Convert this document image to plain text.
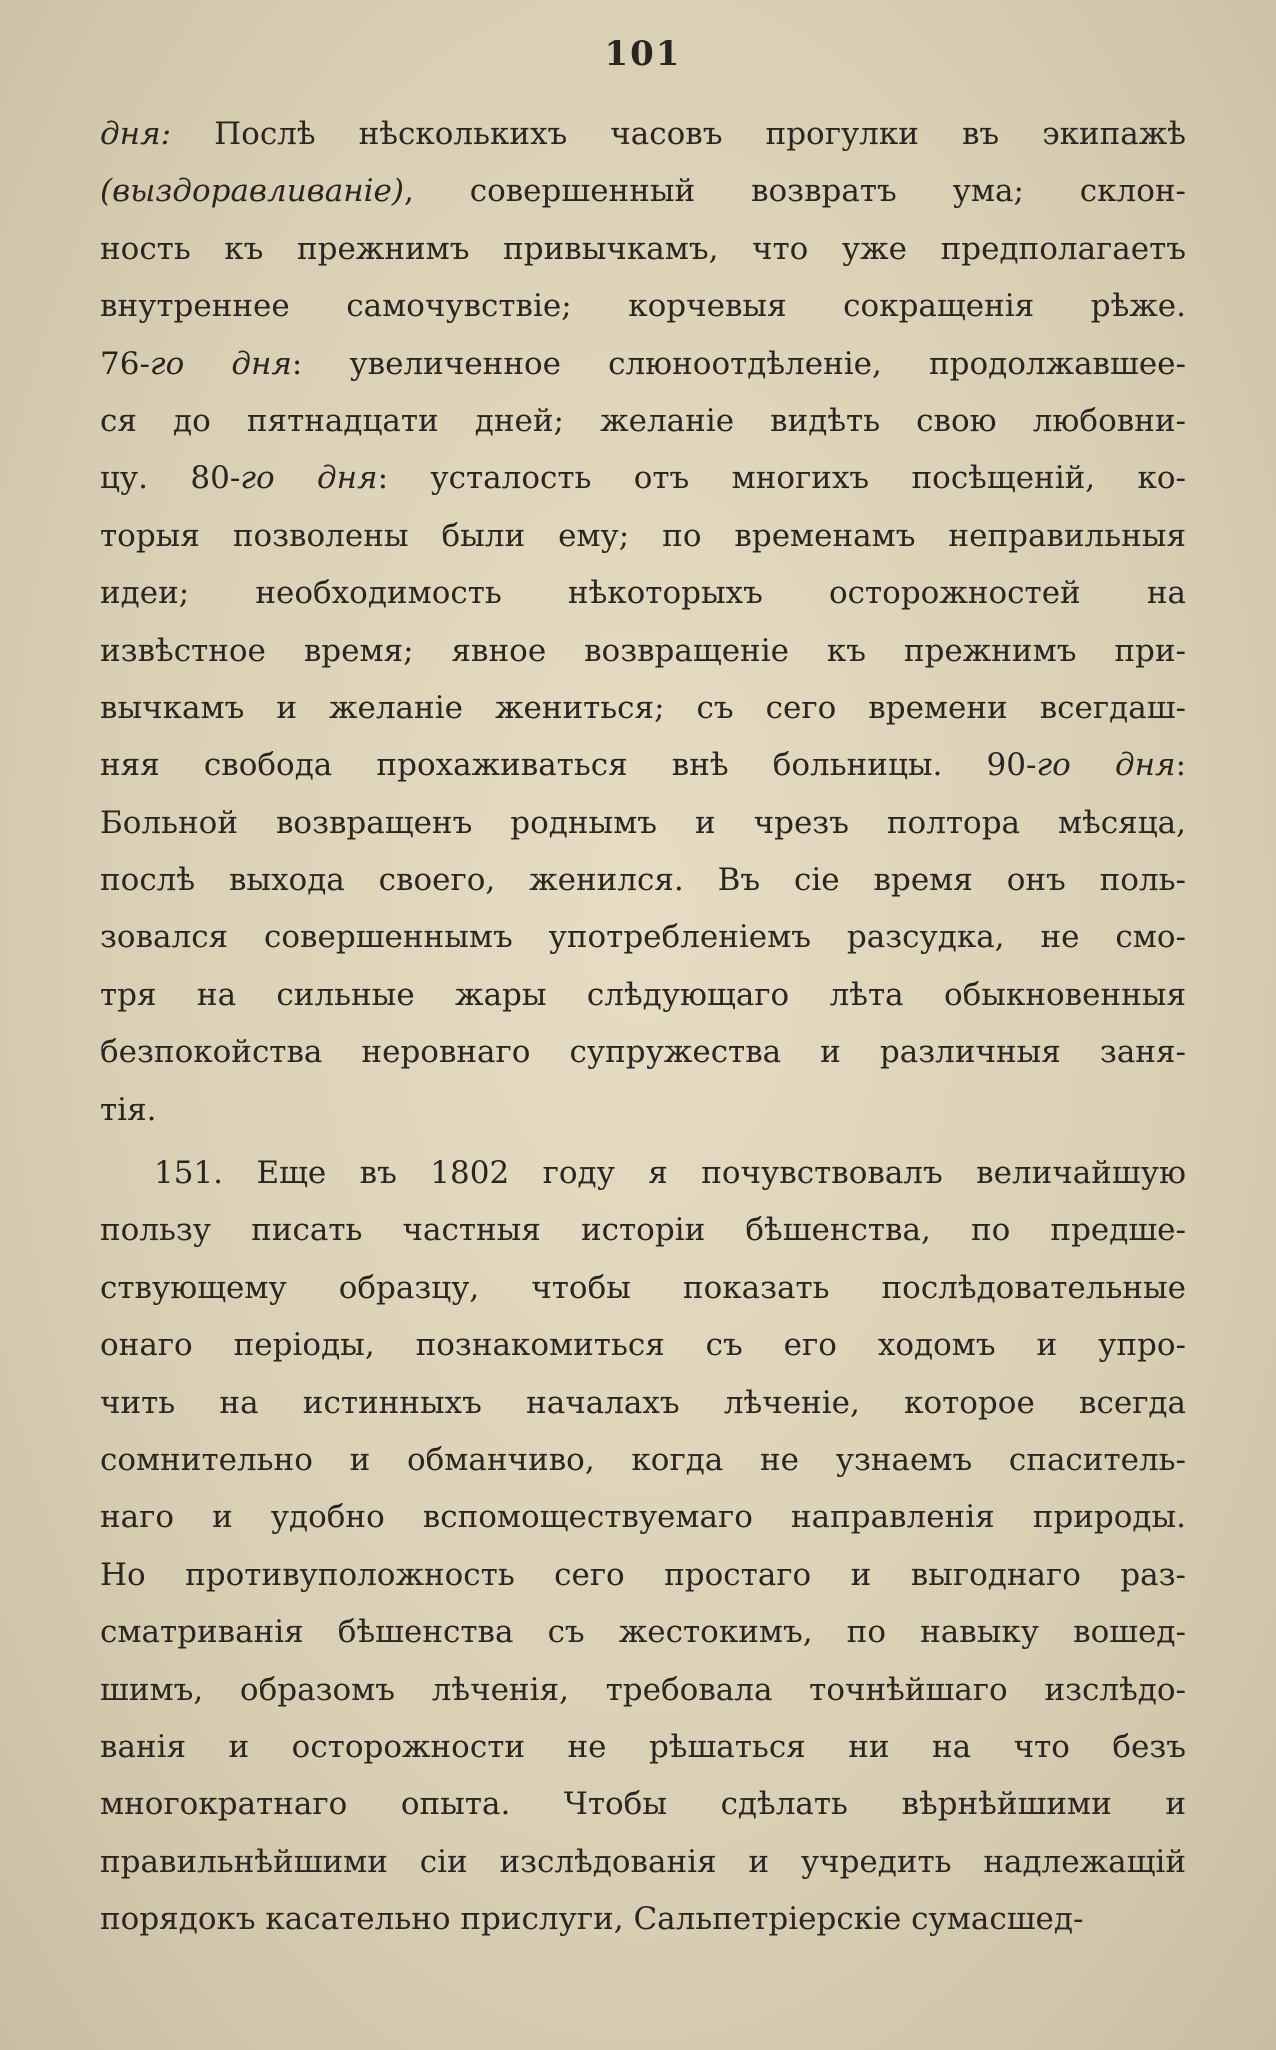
101
дня: Послѣ нѣсколькихъ часовъ прогулки въ экипажѣ
(выздоравливаніе), совершенный возвратъ ума; склон-
ность къ прежнимъ привычкамъ, что уже предполагаетъ
внутреннее самочувствіе; корчевыя сокращенія рѣже.
76-го дня: увеличенное слюноотдѣленіе, продолжавшее-
ся до пятнадцати дней; желаніе видѣть свою любовни-
цу. 80-го дня: усталость отъ многихъ посѣщеній, ко-
торыя позволены были ему; по временамъ неправильныя
идеи; необходимость нѣкоторыхъ осторожностей на
извѣстное время; явное возвращеніе къ прежнимъ при-
вычкамъ и желаніе жениться; съ сего времени всегдаш-
няя свобода прохаживаться внѣ больницы. 90-го дня:
Больной возвращенъ роднымъ и чрезъ полтора мѣсяца,
послѣ выхода своего, женился. Въ сіе время онъ поль-
зовался совершеннымъ употребленіемъ разсудка, не смо-
тря на сильные жары слѣдующаго лѣта обыкновенныя
безпокойства неровнаго супружества и различныя заня-
тія.
151. Еще въ 1802 году я почувствовалъ величайшую
пользу писать частныя исторіи бѣшенства, по предше-
ствующему образцу, чтобы показать послѣдовательные
онаго періоды, познакомиться съ его ходомъ и упро-
чить на истинныхъ началахъ лѣченіе, которое всегда
сомнительно и обманчиво, когда не узнаемъ спаситель-
наго и удобно вспомоществуемаго направленія природы.
Но противуположность сего простаго и выгоднаго раз-
сматриванія бѣшенства съ жестокимъ, по навыку вошед-
шимъ, образомъ лѣченія, требовала точнѣйшаго изслѣдо-
ванія и осторожности не рѣшаться ни на что безъ
многократнаго опыта. Чтобы сдѣлать вѣрнѣйшими и
правильнѣйшими сіи изслѣдованія и учредить надлежащій
порядокъ касательно прислуги, Сальпетріерскіе сумасшед-
